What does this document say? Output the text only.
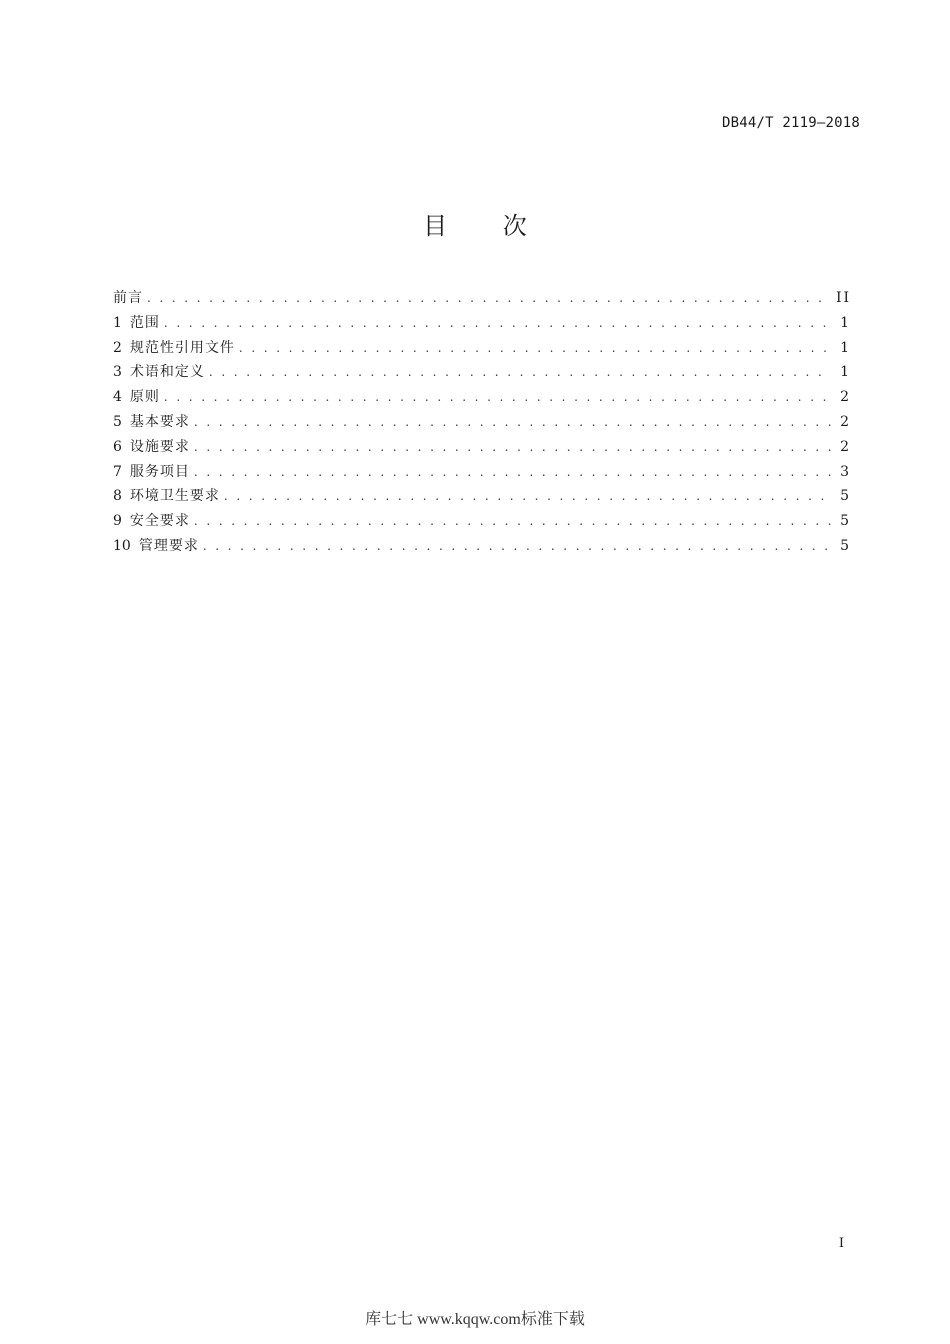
DB44/T 2119—2018
目 次
前言 . . .	II
1 范围 . . .	1
2 规范性引用文件 . . .	1
3 术语和定义 . . .	1
4 原则 . . .	2
5 基本要求 . . .	2
6 设施要求 . . .	2
7 服务项目 . . .	3
8 环境卫生要求 . . .	5
9 安全要求 . . .	5
10 管理要求 . . .	5
I
库七七 www.kqqw.com标准下载
